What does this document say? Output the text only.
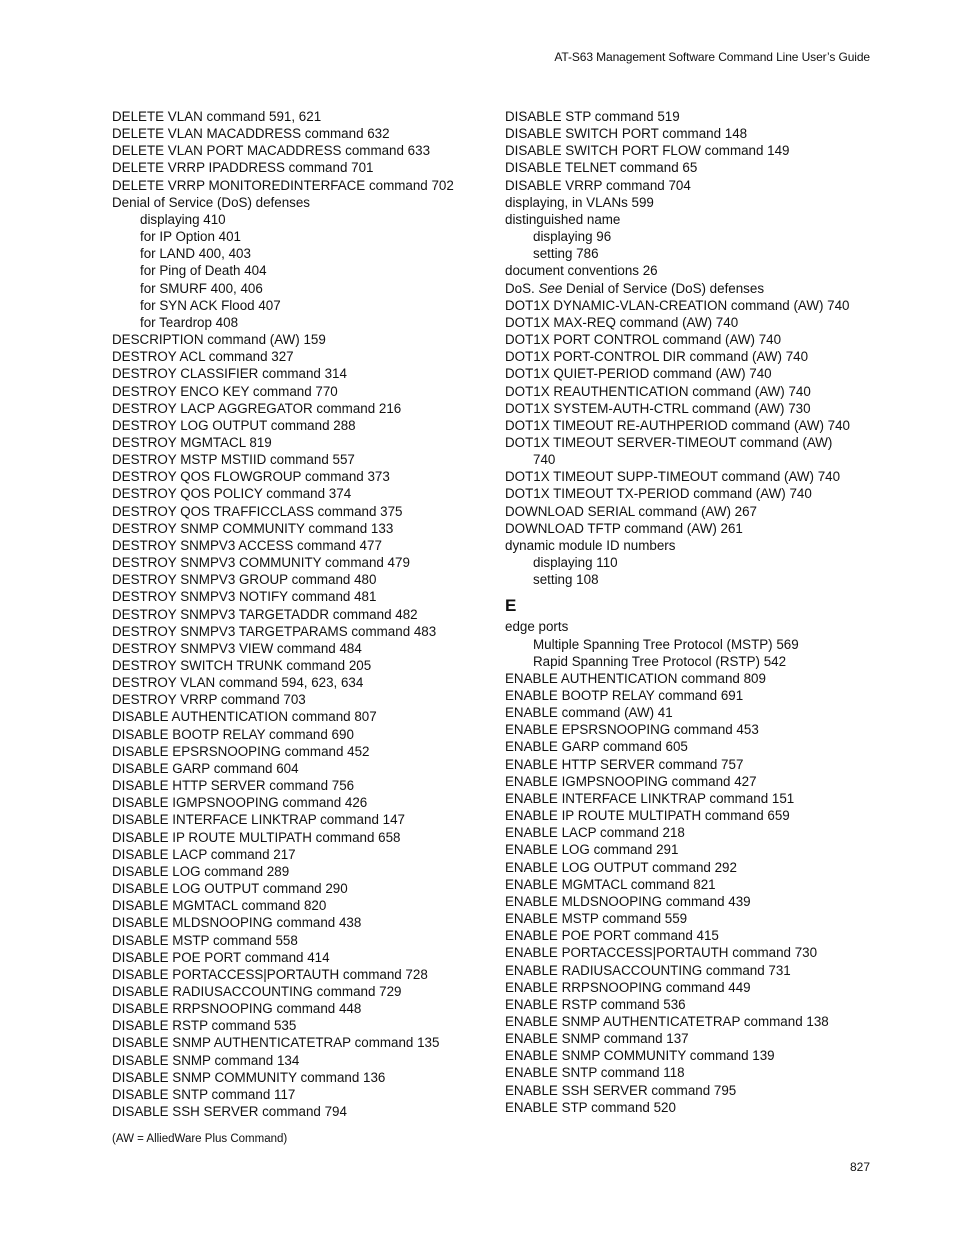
AT-S63 Management Software Command Line User’s Guide
DELETE VLAN command 591, 621
DELETE VLAN MACADDRESS command 632
DELETE VLAN PORT MACADDRESS command 633
DELETE VRRP IPADDRESS command 701
DELETE VRRP MONITOREDINTERFACE command 702
Denial of Service (DoS) defenses
displaying 410
for IP Option 401
for LAND 400, 403
for Ping of Death 404
for SMURF 400, 406
for SYN ACK Flood 407
for Teardrop 408
DESCRIPTION command (AW) 159
DESTROY ACL command 327
DESTROY CLASSIFIER command 314
DESTROY ENCO KEY command 770
DESTROY LACP AGGREGATOR command 216
DESTROY LOG OUTPUT command 288
DESTROY MGMTACL 819
DESTROY MSTP MSTIID command 557
DESTROY QOS FLOWGROUP command 373
DESTROY QOS POLICY command 374
DESTROY QOS TRAFFICCLASS command 375
DESTROY SNMP COMMUNITY command 133
DESTROY SNMPV3 ACCESS command 477
DESTROY SNMPV3 COMMUNITY command 479
DESTROY SNMPV3 GROUP command 480
DESTROY SNMPV3 NOTIFY command 481
DESTROY SNMPV3 TARGETADDR command 482
DESTROY SNMPV3 TARGETPARAMS command 483
DESTROY SNMPV3 VIEW command 484
DESTROY SWITCH TRUNK command 205
DESTROY VLAN command 594, 623, 634
DESTROY VRRP command 703
DISABLE AUTHENTICATION command 807
DISABLE BOOTP RELAY command 690
DISABLE EPSRSNOOPING command 452
DISABLE GARP command 604
DISABLE HTTP SERVER command 756
DISABLE IGMPSNOOPING command 426
DISABLE INTERFACE LINKTRAP command 147
DISABLE IP ROUTE MULTIPATH command 658
DISABLE LACP command 217
DISABLE LOG command 289
DISABLE LOG OUTPUT command 290
DISABLE MGMTACL command 820
DISABLE MLDSNOOPING command 438
DISABLE MSTP command 558
DISABLE POE PORT command 414
DISABLE PORTACCESS|PORTAUTH command 728
DISABLE RADIUSACCOUNTING command 729
DISABLE RRPSNOOPING command 448
DISABLE RSTP command 535
DISABLE SNMP AUTHENTICATETRAP command 135
DISABLE SNMP command 134
DISABLE SNMP COMMUNITY command 136
DISABLE SNTP command 117
DISABLE SSH SERVER command 794
DISABLE STP command 519
DISABLE SWITCH PORT command 148
DISABLE SWITCH PORT FLOW command 149
DISABLE TELNET command 65
DISABLE VRRP command 704
displaying, in VLANs 599
distinguished name
displaying 96
setting 786
document conventions 26
DoS. See Denial of Service (DoS) defenses
DOT1X DYNAMIC-VLAN-CREATION command (AW) 740
DOT1X MAX-REQ command (AW) 740
DOT1X PORT CONTROL command (AW) 740
DOT1X PORT-CONTROL DIR command (AW) 740
DOT1X QUIET-PERIOD command (AW) 740
DOT1X REAUTHENTICATION command (AW) 740
DOT1X SYSTEM-AUTH-CTRL command (AW) 730
DOT1X TIMEOUT RE-AUTHPERIOD command (AW) 740
DOT1X TIMEOUT SERVER-TIMEOUT command (AW)
740
DOT1X TIMEOUT SUPP-TIMEOUT command (AW) 740
DOT1X TIMEOUT TX-PERIOD command (AW) 740
DOWNLOAD SERIAL command (AW) 267
DOWNLOAD TFTP command (AW) 261
dynamic module ID numbers
displaying 110
setting 108
E
edge ports
Multiple Spanning Tree Protocol (MSTP) 569
Rapid Spanning Tree Protocol (RSTP) 542
ENABLE AUTHENTICATION command 809
ENABLE BOOTP RELAY command 691
ENABLE command (AW) 41
ENABLE EPSRSNOOPING command 453
ENABLE GARP command 605
ENABLE HTTP SERVER command 757
ENABLE IGMPSNOOPING command 427
ENABLE INTERFACE LINKTRAP command 151
ENABLE IP ROUTE MULTIPATH command 659
ENABLE LACP command 218
ENABLE LOG command 291
ENABLE LOG OUTPUT command 292
ENABLE MGMTACL command 821
ENABLE MLDSNOOPING command 439
ENABLE MSTP command 559
ENABLE POE PORT command 415
ENABLE PORTACCESS|PORTAUTH command 730
ENABLE RADIUSACCOUNTING command 731
ENABLE RRPSNOOPING command 449
ENABLE RSTP command 536
ENABLE SNMP AUTHENTICATETRAP command 138
ENABLE SNMP command 137
ENABLE SNMP COMMUNITY command 139
ENABLE SNTP command 118
ENABLE SSH SERVER command 795
ENABLE STP command 520
(AW = AlliedWare Plus Command)
827
